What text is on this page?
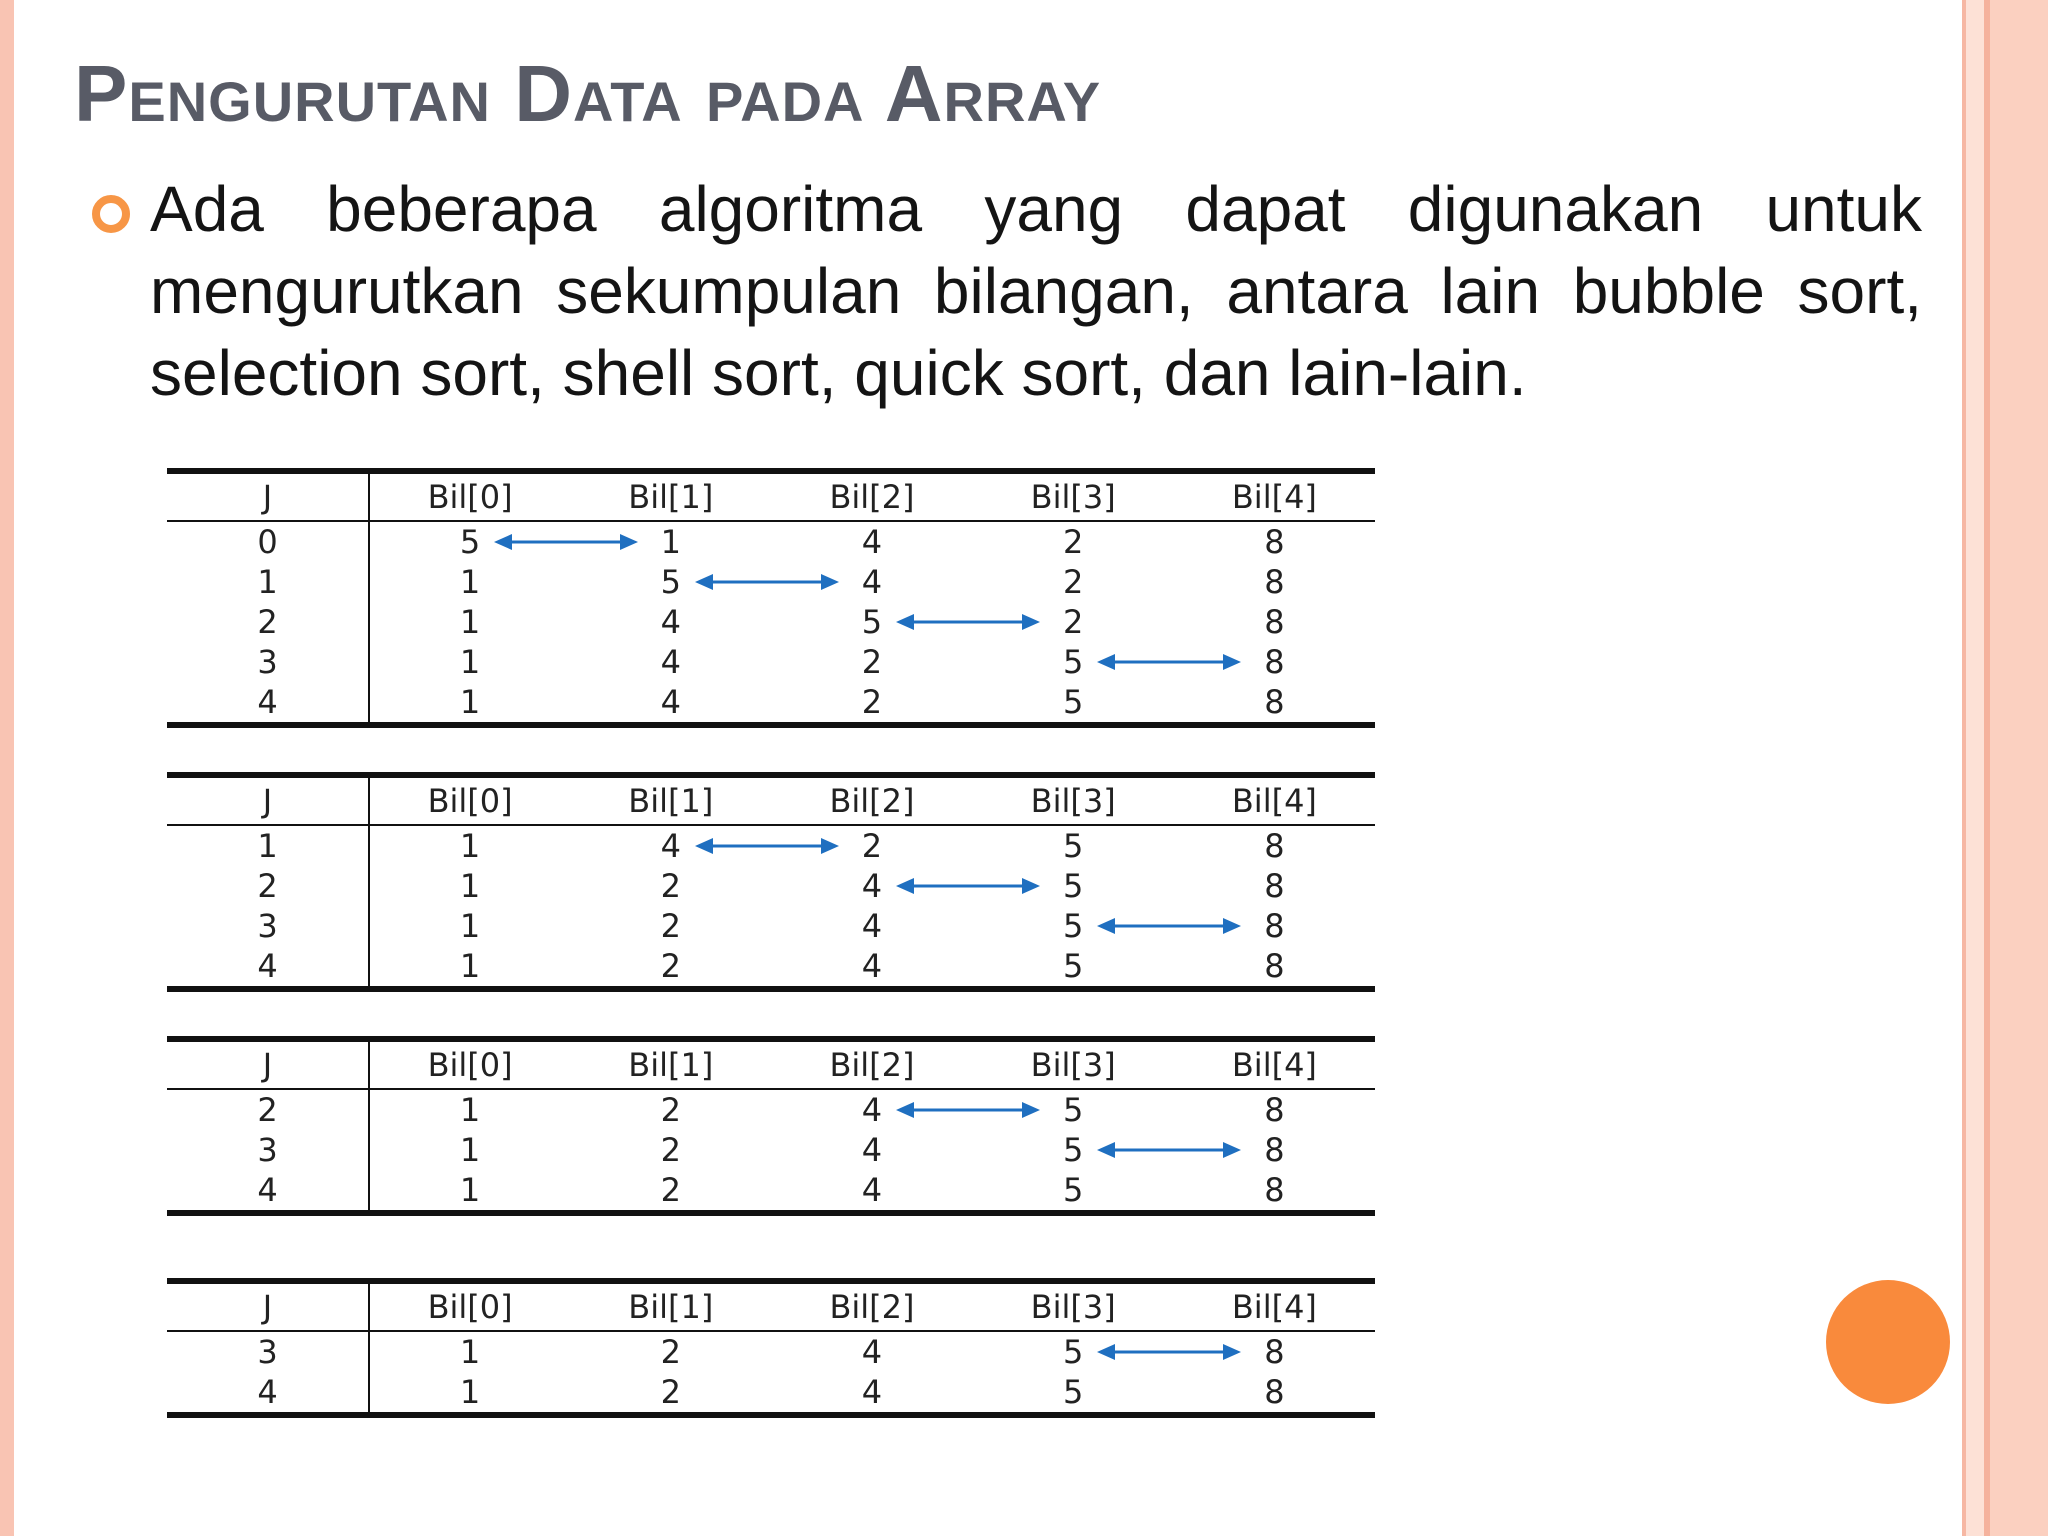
Pengurutan Data pada Array
Ada beberapa algoritma yang dapat digunakan untuk mengurutkan sekumpulan bilangan, antara lain bubble sort, selection sort, shell sort, quick sort, dan lain-lain.
J	Bil[0]	Bil[1]	Bil[2]	Bil[3]	Bil[4]
0	5	1	4	2	8
1	1	5	4	2	8
2	1	4	5	2	8
3	1	4	2	5	8
4	1	4	2	5	8
J	Bil[0]	Bil[1]	Bil[2]	Bil[3]	Bil[4]
1	1	4	2	5	8
2	1	2	4	5	8
3	1	2	4	5	8
4	1	2	4	5	8
J	Bil[0]	Bil[1]	Bil[2]	Bil[3]	Bil[4]
2	1	2	4	5	8
3	1	2	4	5	8
4	1	2	4	5	8
J	Bil[0]	Bil[1]	Bil[2]	Bil[3]	Bil[4]
3	1	2	4	5	8
4	1	2	4	5	8
